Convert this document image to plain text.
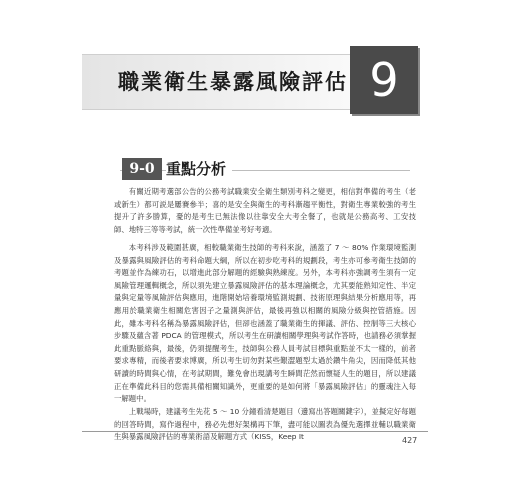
職業衛生暴露風險評估 9
9-0 重點分析

有關近期考選部公告的公務考試職業安全衛生類別考科之變更，相信對準備的考生（老或新生）都可説是屢賽參半；喜的是安全與衛生的考科漸趨平衡性，對衛生專業較強的考生提升了許多勝算，憂的是考生已無法像以往靠安全大考全餐了，也就是公務高考、工安技師、地特三等等考試，統一次性準備並考好考適。

本考科涉及範圍甚廣，相較職業衛生技師的考科來說，涵蓋了 7 ～ 80% 作業環境監測及暴露與風險評估的考科命題大綱，所以在初步吃考科的規劃段，考生亦可參考衛生技師的考題並作為練功石，以增進此部分解題的經驗與熟練度。另外，本考科亦強調考生須有一定風險管理邏輯概念，所以須先建立暴露風險評估的基本理論概念，尤其要能熟知定性、半定量與定量等風險評估與應用，進階開始培養環境監測規劃、技術原理與結果分析應用等，再應用於職業衛生相關危害因子之量測與評估，最後再強以相關的風險分級與控管措施。因此，雖本考科名稱為暴露風險評估，但卻也涵蓋了職業衛生的揮議、評估、控制等三大核心步驟及蘊含著 PDCA 的管理模式，所以考生在研讀相關學理與考試作答時，也請務必須掌握此重點脈絡與，最後，仍須提醒考生，技師與公務人員考試目標與重點並不太一樣的，前者要求專精，而後者要求博廣，所以考生切勿對某些艱澀題型太過於鑽牛角尖，因而降低其他研讀的時間與心情，在考試期間，難免會出現講考生瞬間茫然而懷疑人生的題目，所以建議正在準備此科目的您需具備相關知識外，更重要的是如何將「暴露風險評估」的靈魂注入每一解題中。

上戰場時，建議考生先花 5 ～ 10 分鐘看清楚題目（邊寫出答題關鍵字），並擬定好每題的回答時間，寫作過程中，務必先想好架構再下筆，盡可能以圖表為優先選擇並輔以職業衛生與暴露風險評估的專業術語及解題方式（KISS，Keep It	427
